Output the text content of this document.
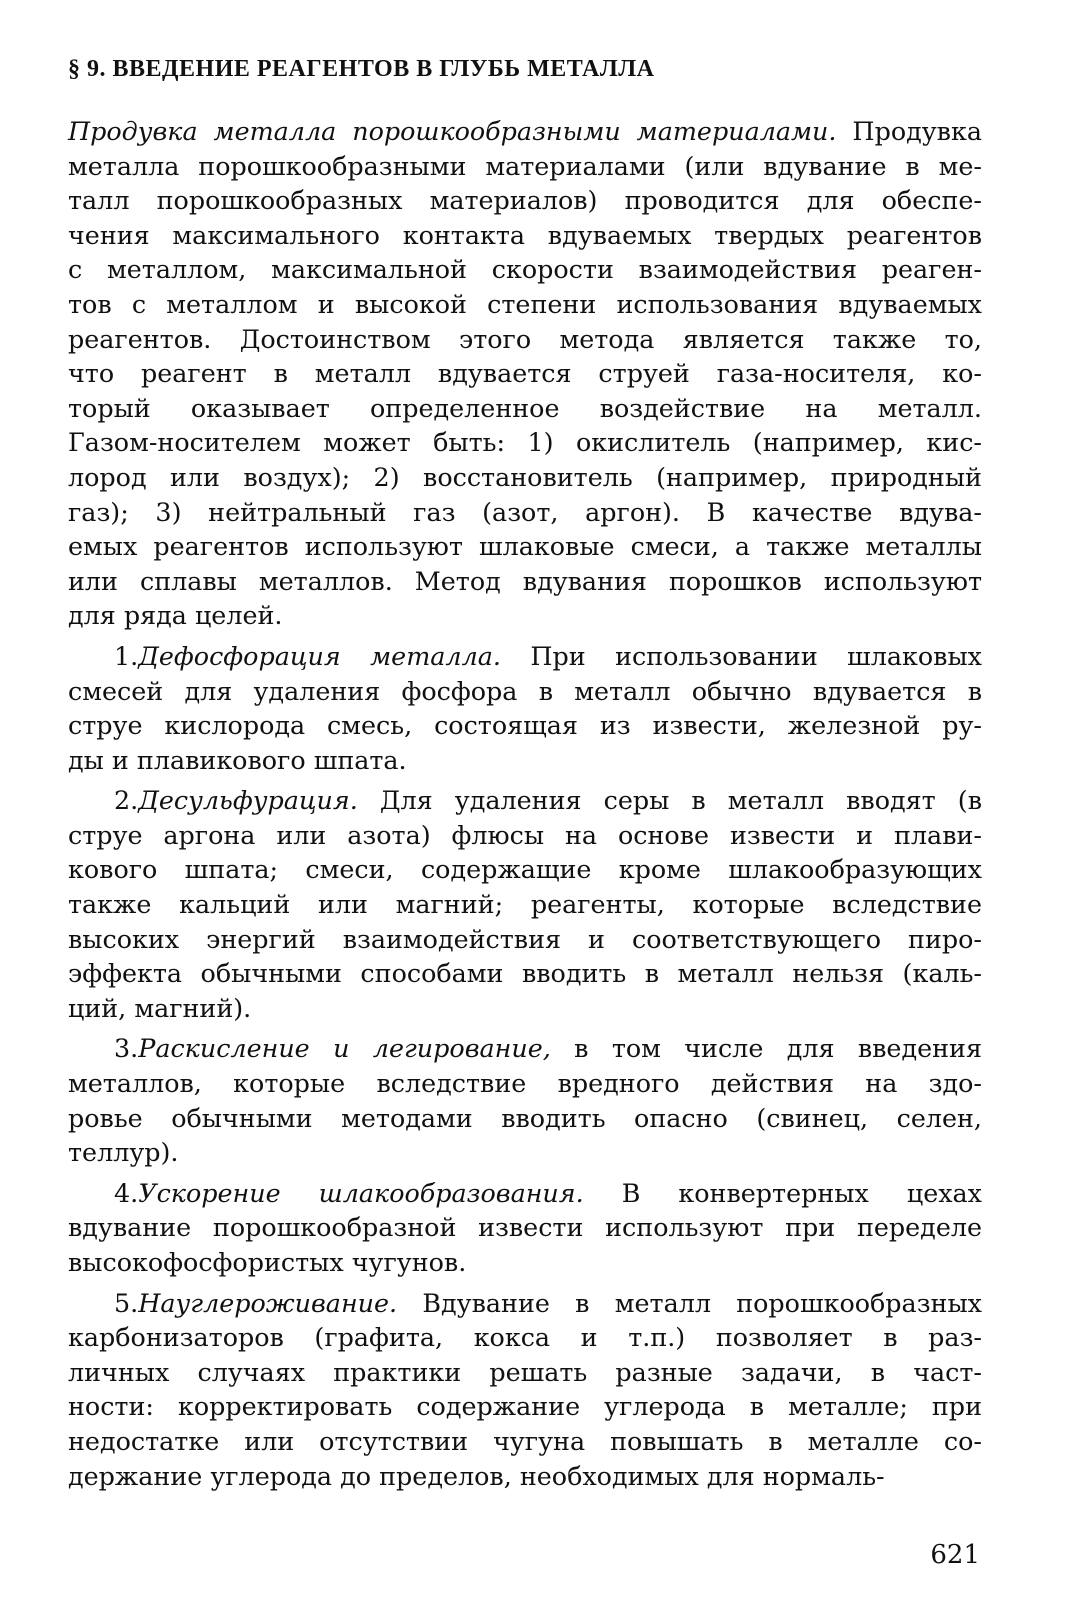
§ 9. ВВЕДЕНИЕ РЕАГЕНТОВ В ГЛУБЬ МЕТАЛЛА
Продувка металла порошкообразными материалами. Продувка
металла порошкообразными материалами (или вдувание в ме-
талл порошкообразных материалов) проводится для обеспе-
чения максимального контакта вдуваемых твердых реагентов
с металлом, максимальной скорости взаимодействия реаген-
тов с металлом и высокой степени использования вдуваемых
реагентов. Достоинством этого метода является также то,
что реагент в металл вдувается струей газа-носителя, ко-
торый оказывает определенное воздействие на металл.
Газом-носителем может быть: 1) окислитель (например, кис-
лород или воздух); 2) восстановитель (например, природный
газ); 3) нейтральный газ (азот, аргон). В качестве вдува-
емых реагентов используют шлаковые смеси, а также металлы
или сплавы металлов. Метод вдувания порошков используют
для ряда целей.
1.Дефосфорация металла. При использовании шлаковых
смесей для удаления фосфора в металл обычно вдувается в
струе кислорода смесь, состоящая из извести, железной ру-
ды и плавикового шпата.
2.Десульфурация. Для удаления серы в металл вводят (в
струе аргона или азота) флюсы на основе извести и плави-
кового шпата; смеси, содержащие кроме шлакообразующих
также кальций или магний; реагенты, которые вследствие
высоких энергий взаимодействия и соответствующего пиро-
эффекта обычными способами вводить в металл нельзя (каль-
ций, магний).
3.Раскисление и легирование, в том числе для введения
металлов, которые вследствие вредного действия на здо-
ровье обычными методами вводить опасно (свинец, селен,
теллур).
4.Ускорение шлакообразования. В конвертерных цехах
вдувание порошкообразной извести используют при переделе
высокофосфористых чугунов.
5.Науглероживание. Вдувание в металл порошкообразных
карбонизаторов (графита, кокса и т.п.) позволяет в раз-
личных случаях практики решать разные задачи, в част-
ности: корректировать содержание углерода в металле; при
недостатке или отсутствии чугуна повышать в металле со-
держание углерода до пределов, необходимых для нормаль-
621
